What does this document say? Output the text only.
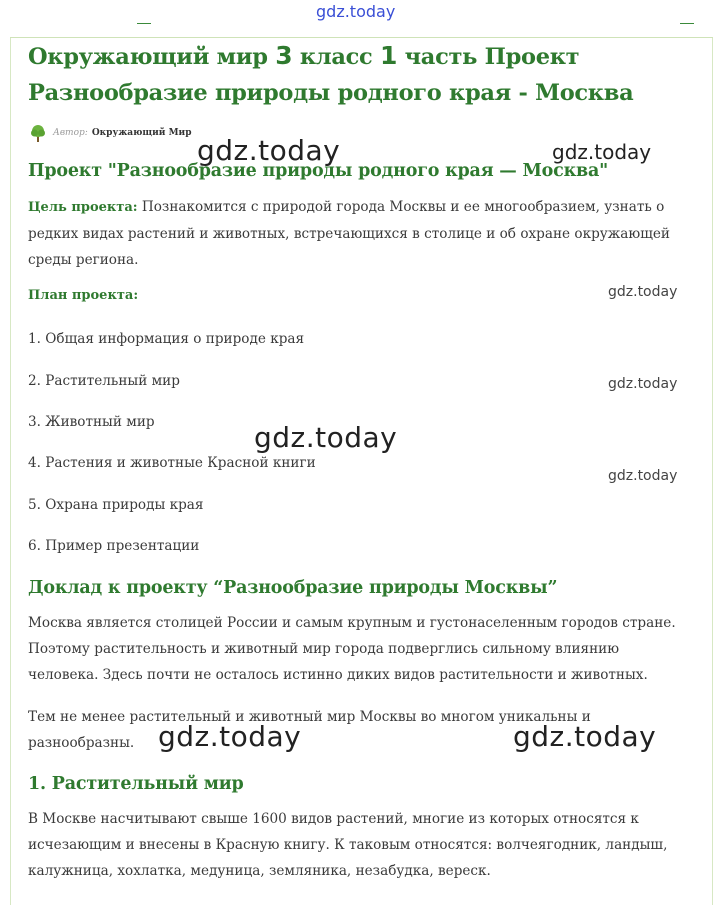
gdz.today
Окружающий мир 3 класс 1 часть Проект Разнообразие природы родного края - Москва
Автор: Окружающий Мир
Проект "Разнообразие природы родного края — Москва"

Цель проекта: Познакомится с природой города Москвы и ее многообразием, узнать о редких видах растений и животных, встречающихся в столице и об охране окружающей среды региона.

План проекта:
1. Общая информация о природе края
2. Растительный мир
3. Животный мир
4. Растения и животные Красной книги
5. Охрана природы края
6. Пример презентации
Доклад к проекту “Разнообразие природы Москвы”

Москва является столицей России и самым крупным и густонаселенным городов стране. Поэтому растительность и животный мир города подверглись сильному влиянию человека. Здесь почти не осталось истинно диких видов растительности и животных.

Тем не менее растительный и животный мир Москвы во многом уникальны и разнообразны.

1. Растительный мир

В Москве насчитывают свыше 1600 видов растений, многие из которых относятся к исчезающим и внесены в Красную книгу. К таковым относятся: волчеягодник, ландыш, калужница, хохлатка, медуница, земляника, незабудка, вереск.

gdz.today	gdz.today
gdz.today
gdz.today
gdz.today
gdz.today
gdz.today	gdz.today
